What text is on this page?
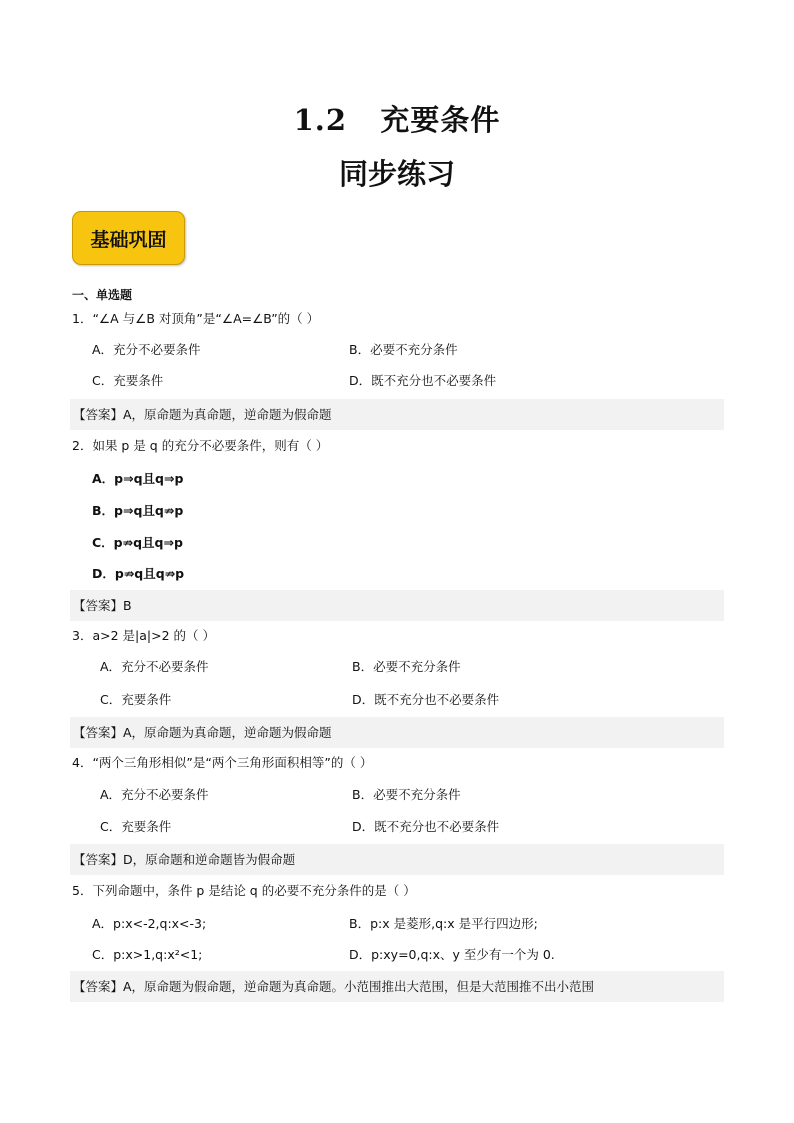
1.2   充要条件
同步练习
基础巩固
一、单选题
1．“∠A 与∠B 对顶角”是“∠A=∠B”的（ ）
A．充分不必要条件	B．必要不充分条件
C．充要条件	D．既不充分也不必要条件
【答案】A，原命题为真命题，逆命题为假命题
2．如果 p 是 q 的充分不必要条件，则有（ ）
A．p⇒q且q⇒p
B．p⇒q且q⇏p
C．p⇏q且q⇒p
D．p⇏q且q⇏p
【答案】B
3．a>2 是|a|>2 的（ ）
A．充分不必要条件	B．必要不充分条件
C．充要条件	D．既不充分也不必要条件
【答案】A，原命题为真命题，逆命题为假命题
4．“两个三角形相似”是“两个三角形面积相等”的（ ）
A．充分不必要条件	B．必要不充分条件
C．充要条件	D．既不充分也不必要条件
【答案】D，原命题和逆命题皆为假命题
5．下列命题中，条件 p 是结论 q 的必要不充分条件的是（ ）
A．p:x<-2,q:x<-3;	B．p:x 是菱形,q:x 是平行四边形;
C．p:x>1,q:x²<1;	D．p:xy=0,q:x、y 至少有一个为 0.
【答案】A，原命题为假命题，逆命题为真命题。小范围推出大范围，但是大范围推不出小范围
